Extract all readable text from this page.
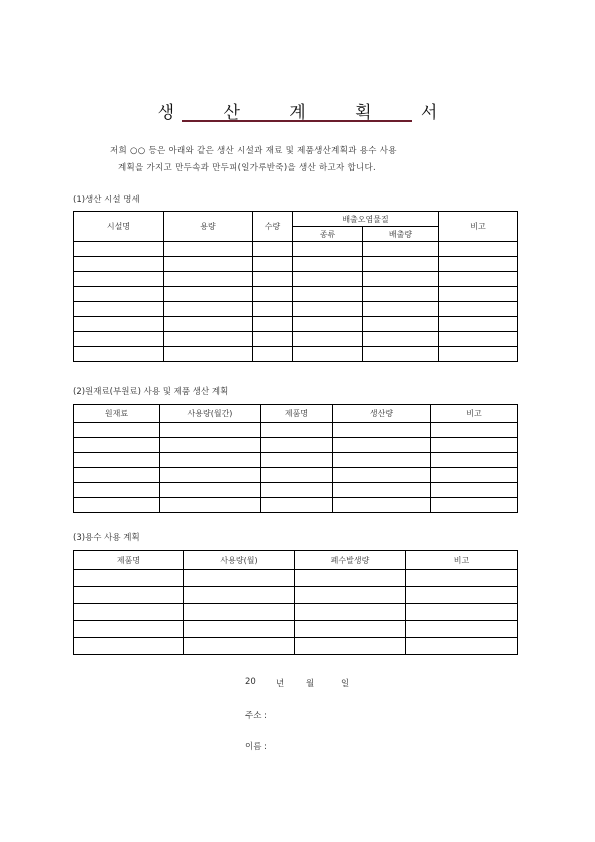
생 산 계 획 서
저희 ○○ 등은 아래와 같은 생산 시설과 재료 및 제품생산계획과 용수 사용
계획을 가지고 만두속과 만두피(일가루반죽)을 생산 하고자 합니다.
(1)생산 시설 명세
시설명	용량	수량	배출오염물질		비고
			종류	배출량	

(2)원재료(부원료) 사용 및 제품 생산 계획
원재료	사용량(월간)	제품명	생산량	비고

(3)용수 사용 계획
제품명	사용량(월)	폐수발생량	비고

20 년	월	일
주소 :
이름 :
